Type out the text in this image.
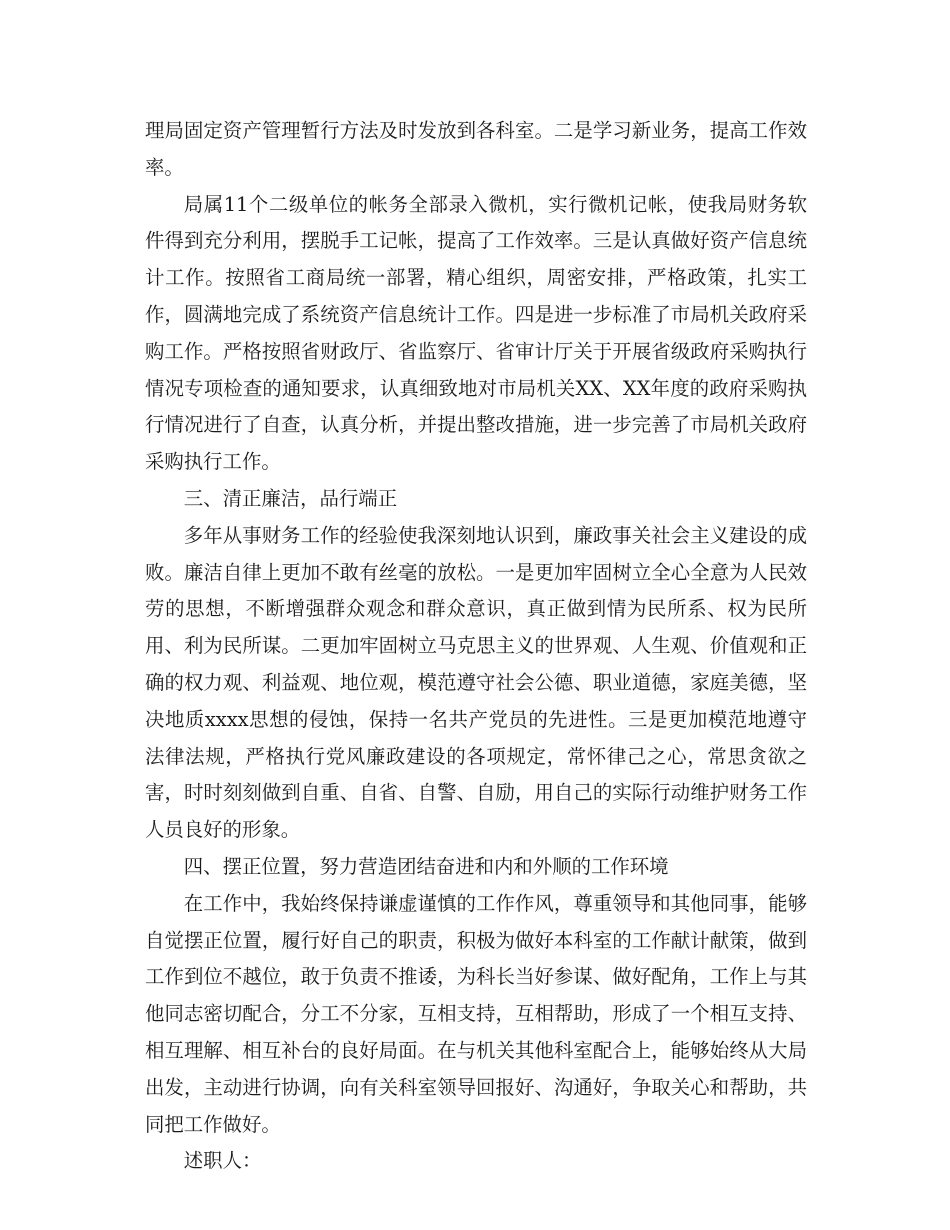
理局固定资产管理暂行方法及时发放到各科室。二是学习新业务，提高工作效率。

局属11个二级单位的帐务全部录入微机，实行微机记帐，使我局财务软件得到充分利用，摆脱手工记帐，提高了工作效率。三是认真做好资产信息统计工作。按照省工商局统一部署，精心组织，周密安排，严格政策，扎实工作，圆满地完成了系统资产信息统计工作。四是进一步标准了市局机关政府采购工作。严格按照省财政厅、省监察厅、省审计厅关于开展省级政府采购执行情况专项检查的通知要求，认真细致地对市局机关XX、XX年度的政府采购执行情况进行了自查，认真分析，并提出整改措施，进一步完善了市局机关政府采购执行工作。

三、清正廉洁，品行端正

多年从事财务工作的经验使我深刻地认识到，廉政事关社会主义建设的成败。廉洁自律上更加不敢有丝毫的放松。一是更加牢固树立全心全意为人民效劳的思想，不断增强群众观念和群众意识，真正做到情为民所系、权为民所用、利为民所谋。二更加牢固树立马克思主义的世界观、人生观、价值观和正确的权力观、利益观、地位观，模范遵守社会公德、职业道德，家庭美德，坚决地质xxxx思想的侵蚀，保持一名共产党员的先进性。三是更加模范地遵守法律法规，严格执行党风廉政建设的各项规定，常怀律己之心，常思贪欲之害，时时刻刻做到自重、自省、自警、自励，用自己的实际行动维护财务工作人员良好的形象。

四、摆正位置，努力营造团结奋进和内和外顺的工作环境

在工作中，我始终保持谦虚谨慎的工作作风，尊重领导和其他同事，能够自觉摆正位置，履行好自己的职责，积极为做好本科室的工作献计献策，做到工作到位不越位，敢于负责不推诿，为科长当好参谋、做好配角，工作上与其他同志密切配合，分工不分家，互相支持，互相帮助，形成了一个相互支持、相互理解、相互补台的良好局面。在与机关其他科室配合上，能够始终从大局出发，主动进行协调，向有关科室领导回报好、沟通好，争取关心和帮助，共同把工作做好。

述职人：
